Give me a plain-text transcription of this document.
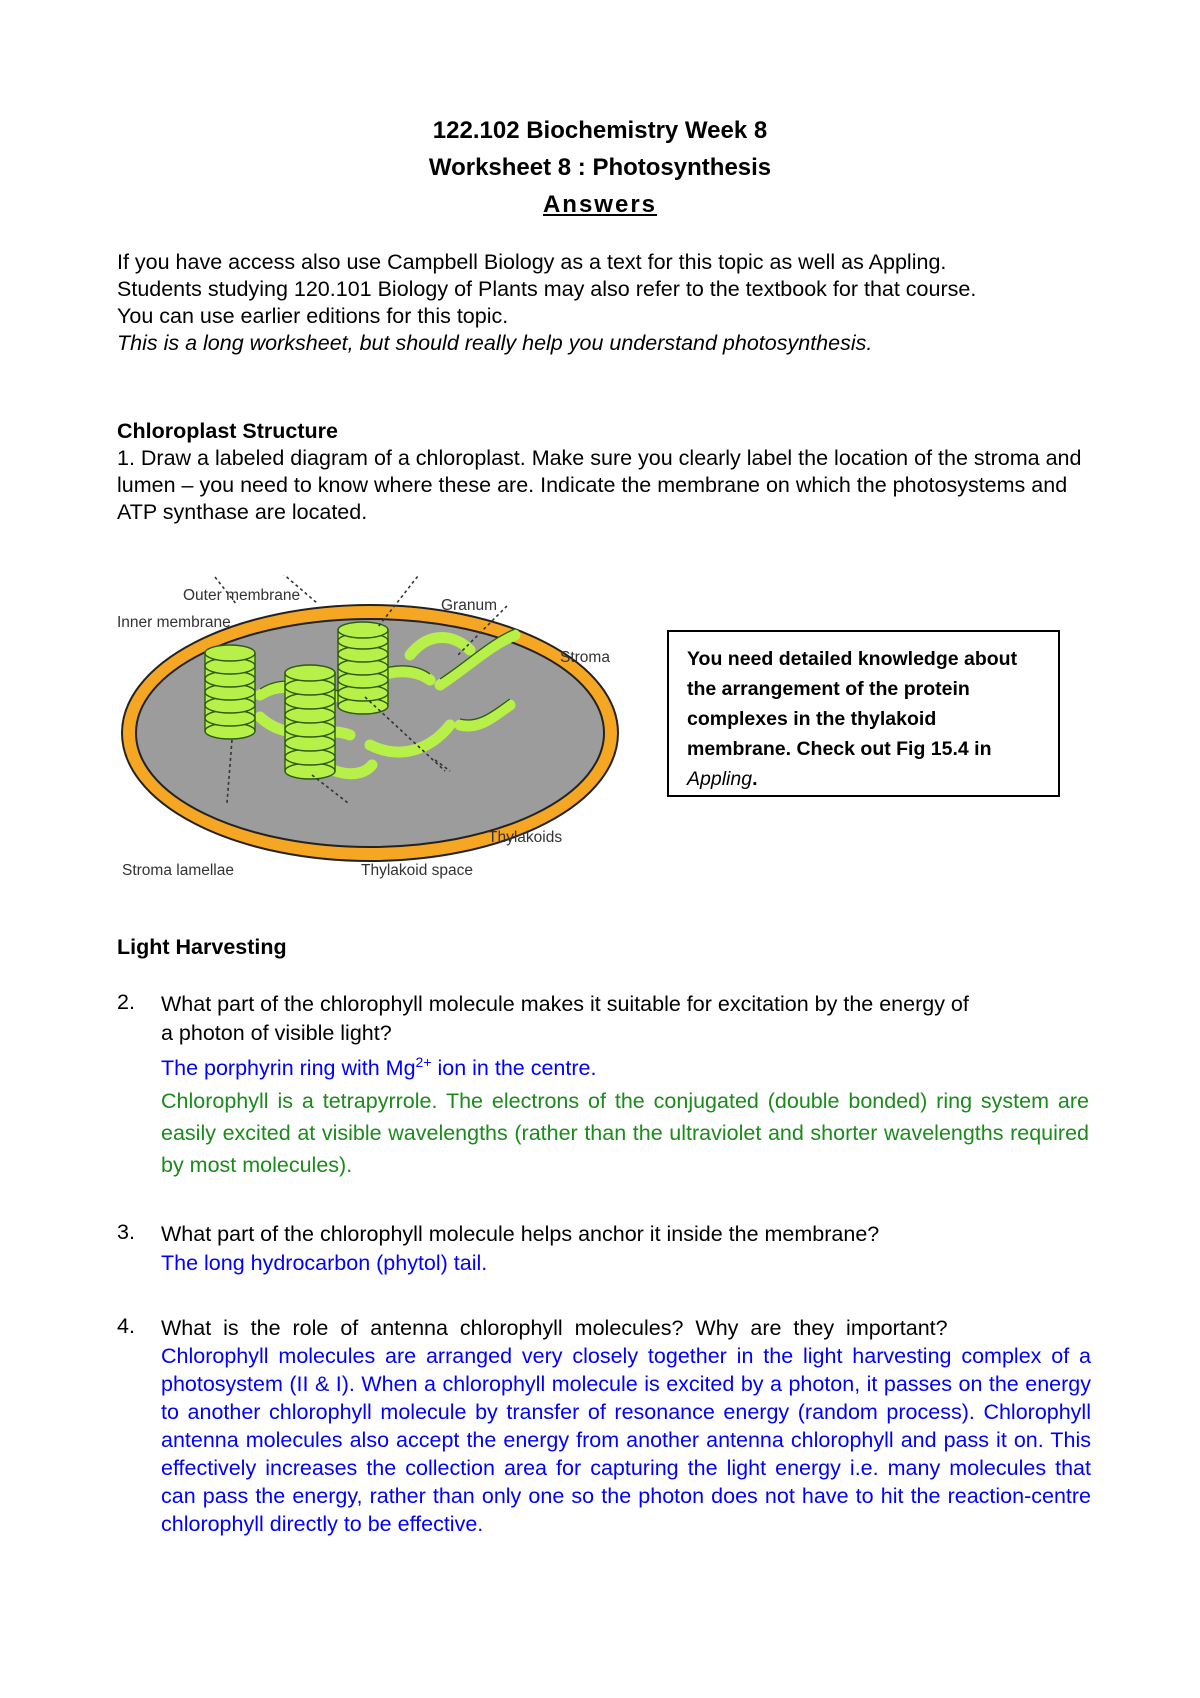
122.102 Biochemistry Week 8
Worksheet 8 : Photosynthesis
Answers

If you have access also use Campbell Biology as a text for this topic as well as Appling.

Students studying 120.101 Biology of Plants may also refer to the textbook for that course.

You can use earlier editions for this topic.

This is a long worksheet, but should really help you understand photosynthesis.

Chloroplast Structure
1. Draw a labeled diagram of a chloroplast. Make sure you clearly label the location of the stroma and lumen – you need to know where these are. Indicate the membrane on which the photosystems and ATP synthase are located.
Outer membrane
Inner membrane
Granum
Stroma
Thylakoids
Stroma lamellae	Thylakoid space
You need detailed knowledge about the arrangement of the protein complexes in the thylakoid membrane. Check out Fig 15.4 in Appling.
Light Harvesting
2. What part of the chlorophyll molecule makes it suitable for excitation by the energy of a photon of visible light?

The porphyrin ring with $Mg^{2+}$ ion in the centre.

Chlorophyll is a tetrapyrrole. The electrons of the conjugated (double bonded) ring system are easily excited at visible wavelengths (rather than the ultraviolet and shorter wavelengths required by most molecules).

3. What part of the chlorophyll molecule helps anchor it inside the membrane?

The long hydrocarbon (phytol) tail.

4. What is the role of antenna chlorophyll molecules? Why are they important?

Chlorophyll molecules are arranged very closely together in the light harvesting complex of a photosystem (II & I). When a chlorophyll molecule is excited by a photon, it passes on the energy to another chlorophyll molecule by transfer of resonance energy (random process). Chlorophyll antenna molecules also accept the energy from another antenna chlorophyll and pass it on. This effectively increases the collection area for capturing the light energy i.e. many molecules that can pass the energy, rather than only one so the photon does not have to hit the reaction-centre chlorophyll directly to be effective.
